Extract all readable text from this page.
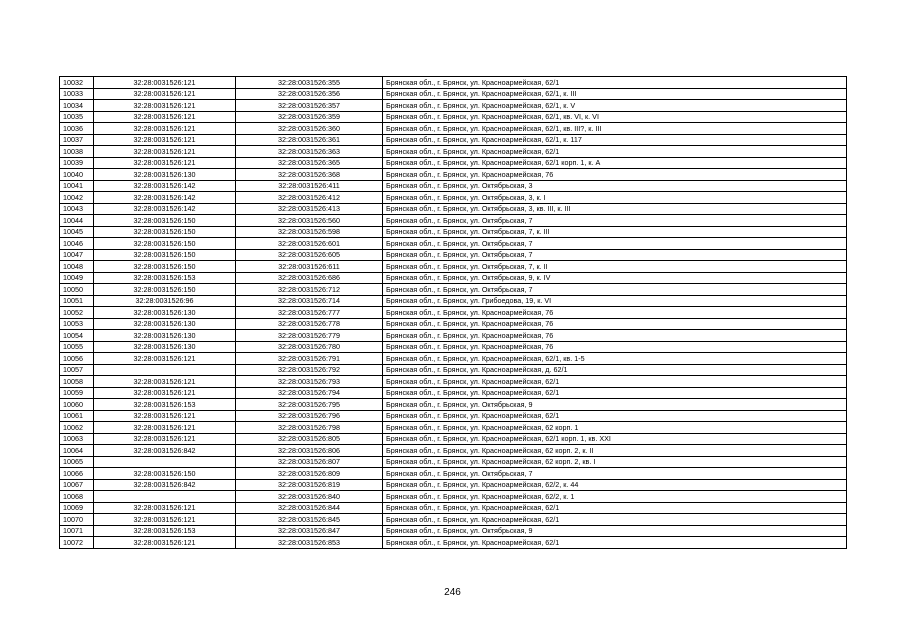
10032	32:28:0031526:121	32:28:0031526:355	Брянская обл., г. Брянск, ул. Красноармейская, 62/1
10033	32:28:0031526:121	32:28:0031526:356	Брянская обл., г. Брянск, ул. Красноармейская, 62/1, к. III
10034	32:28:0031526:121	32:28:0031526:357	Брянская обл., г. Брянск, ул. Красноармейская, 62/1, к. V
10035	32:28:0031526:121	32:28:0031526:359	Брянская обл., г. Брянск, ул. Красноармейская, 62/1, кв. VI, к. VI
10036	32:28:0031526:121	32:28:0031526:360	Брянская обл., г. Брянск, ул. Красноармейская, 62/1, кв. III?, к. III
10037	32:28:0031526:121	32:28:0031526:361	Брянская обл., г. Брянск, ул. Красноармейская, 62/1, к. 117
10038	32:28:0031526:121	32:28:0031526:363	Брянская обл., г. Брянск, ул. Красноармейская, 62/1
10039	32:28:0031526:121	32:28:0031526:365	Брянская обл., г. Брянск, ул. Красноармейская, 62/1 корп. 1, к. А
10040	32:28:0031526:130	32:28:0031526:368	Брянская обл., г. Брянск, ул. Красноармейская, 76
10041	32:28:0031526:142	32:28:0031526:411	Брянская обл., г. Брянск, ул. Октябрьская, 3
10042	32:28:0031526:142	32:28:0031526:412	Брянская обл., г. Брянск, ул. Октябрьская, 3, к. I
10043	32:28:0031526:142	32:28:0031526:413	Брянская обл., г. Брянск, ул. Октябрьская, 3, кв. III, к. III
10044	32:28:0031526:150	32:28:0031526:560	Брянская обл., г. Брянск, ул. Октябрьская, 7
10045	32:28:0031526:150	32:28:0031526:598	Брянская обл., г. Брянск, ул. Октябрьская, 7, к. III
10046	32:28:0031526:150	32:28:0031526:601	Брянская обл., г. Брянск, ул. Октябрьская, 7
10047	32:28:0031526:150	32:28:0031526:605	Брянская обл., г. Брянск, ул. Октябрьская, 7
10048	32:28:0031526:150	32:28:0031526:611	Брянская обл., г. Брянск, ул. Октябрьская, 7, к. II
10049	32:28:0031526:153	32:28:0031526:686	Брянская обл., г. Брянск, ул. Октябрьская, 9, к. IV
10050	32:28:0031526:150	32:28:0031526:712	Брянская обл., г. Брянск, ул. Октябрьская, 7
10051	32:28:0031526:96	32:28:0031526:714	Брянская обл., г. Брянск, ул. Грибоедова, 19, к. VI
10052	32:28:0031526:130	32:28:0031526:777	Брянская обл., г. Брянск, ул. Красноармейская, 76
10053	32:28:0031526:130	32:28:0031526:778	Брянская обл., г. Брянск, ул. Красноармейская, 76
10054	32:28:0031526:130	32:28:0031526:779	Брянская обл., г. Брянск, ул. Красноармейская, 76
10055	32:28:0031526:130	32:28:0031526:780	Брянская обл., г. Брянск, ул. Красноармейская, 76
10056	32:28:0031526:121	32:28:0031526:791	Брянская обл., г. Брянск, ул. Красноармейская, 62/1, кв. 1-5
10057		32:28:0031526:792	Брянская обл., г. Брянск, ул. Красноармейская, д. 62/1
10058	32:28:0031526:121	32:28:0031526:793	Брянская обл., г. Брянск, ул. Красноармейская, 62/1
10059	32:28:0031526:121	32:28:0031526:794	Брянская обл., г. Брянск, ул. Красноармейская, 62/1
10060	32:28:0031526:153	32:28:0031526:795	Брянская обл., г. Брянск, ул. Октябрьская, 9
10061	32:28:0031526:121	32:28:0031526:796	Брянская обл., г. Брянск, ул. Красноармейская, 62/1
10062	32:28:0031526:121	32:28:0031526:798	Брянская обл., г. Брянск, ул. Красноармейская, 62 корп. 1
10063	32:28:0031526:121	32:28:0031526:805	Брянская обл., г. Брянск, ул. Красноармейская, 62/1 корп. 1, кв. XXI
10064	32:28:0031526:842	32:28:0031526:806	Брянская обл., г. Брянск, ул. Красноармейская, 62 корп. 2, к. II
10065		32:28:0031526:807	Брянская обл., г. Брянск, ул. Красноармейская, 62 корп. 2, кв. I
10066	32:28:0031526:150	32:28:0031526:809	Брянская обл., г. Брянск, ул. Октябрьская, 7
10067	32:28:0031526:842	32:28:0031526:819	Брянская обл., г. Брянск, ул. Красноармейская, 62/2, к. 44
10068		32:28:0031526:840	Брянская обл., г. Брянск, ул. Красноармейская, 62/2, к. 1
10069	32:28:0031526:121	32:28:0031526:844	Брянская обл., г. Брянск, ул. Красноармейская, 62/1
10070	32:28:0031526:121	32:28:0031526:845	Брянская обл., г. Брянск, ул. Красноармейская, 62/1
10071	32:28:0031526:153	32:28:0031526:847	Брянская обл., г. Брянск, ул. Октябрьская, 9
10072	32:28:0031526:121	32:28:0031526:853	Брянская обл., г. Брянск, ул. Красноармейская, 62/1
246
